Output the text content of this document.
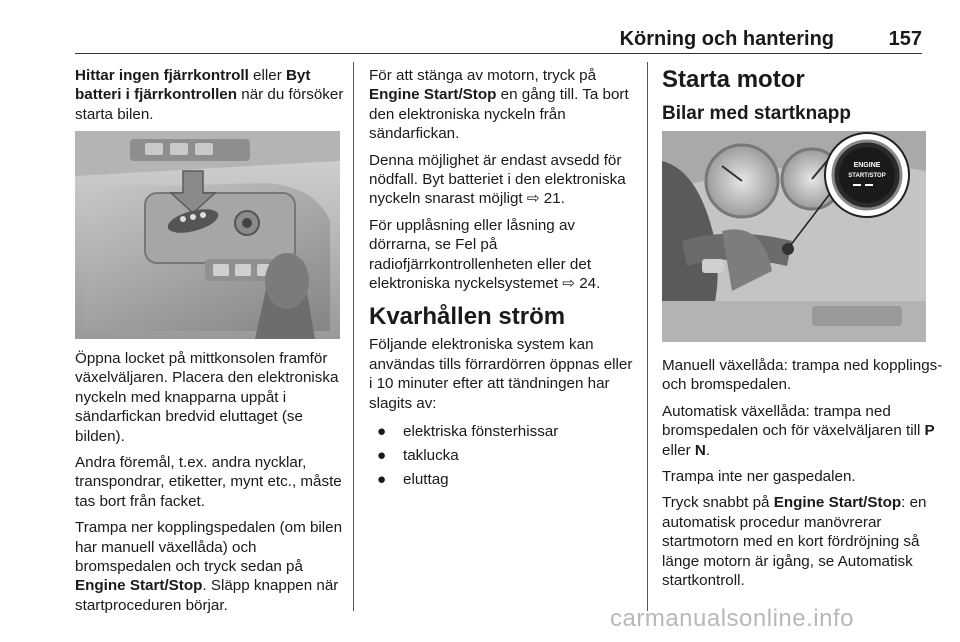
Körning och hantering	157

Hittar ingen fjärrkontroll eller Byt batteri i fjärrkontrollen när du försöker starta bilen.

Öppna locket på mittkonsolen framför växelväljaren. Placera den elektroniska nyckeln med knapparna uppåt i sändarfickan bredvid eluttaget (se bilden).

Andra föremål, t.ex. andra nycklar, transpondrar, etiketter, mynt etc., måste tas bort från facket.

Trampa ner kopplingspedalen (om bilen har manuell växellåda) och bromspedalen och tryck sedan på Engine Start/Stop. Släpp knappen när startproceduren börjar.

För att stänga av motorn, tryck på Engine Start/Stop en gång till. Ta bort den elektroniska nyckeln från sändarfickan.

Denna möjlighet är endast avsedd för nödfall. Byt batteriet i den elektroniska nyckeln snarast möjligt ⇨ 21.

För upplåsning eller låsning av dörrarna, se Fel på radiofjärrkontrollenheten eller det elektroniska nyckelsystemet ⇨ 24.

Kvarhållen ström

Följande elektroniska system kan användas tills förrardörren öppnas eller i 10 minuter efter att tändningen har slagits av:

● elektriska fönsterhissar
● taklucka
● eluttag
Starta motor
Bilar med startknapp
ENGINE
START/STOP

Manuell växellåda: trampa ned kopplings- och bromspedalen.

Automatisk växellåda: trampa ned bromspedalen och för växelväljaren till P eller N.

Trampa inte ner gaspedalen.

Tryck snabbt på Engine Start/Stop: en automatisk procedur manövrerar startmotorn med en kort fördröjning så länge motorn är igång, se Automatisk startkontroll.

carmanualsonline.info
